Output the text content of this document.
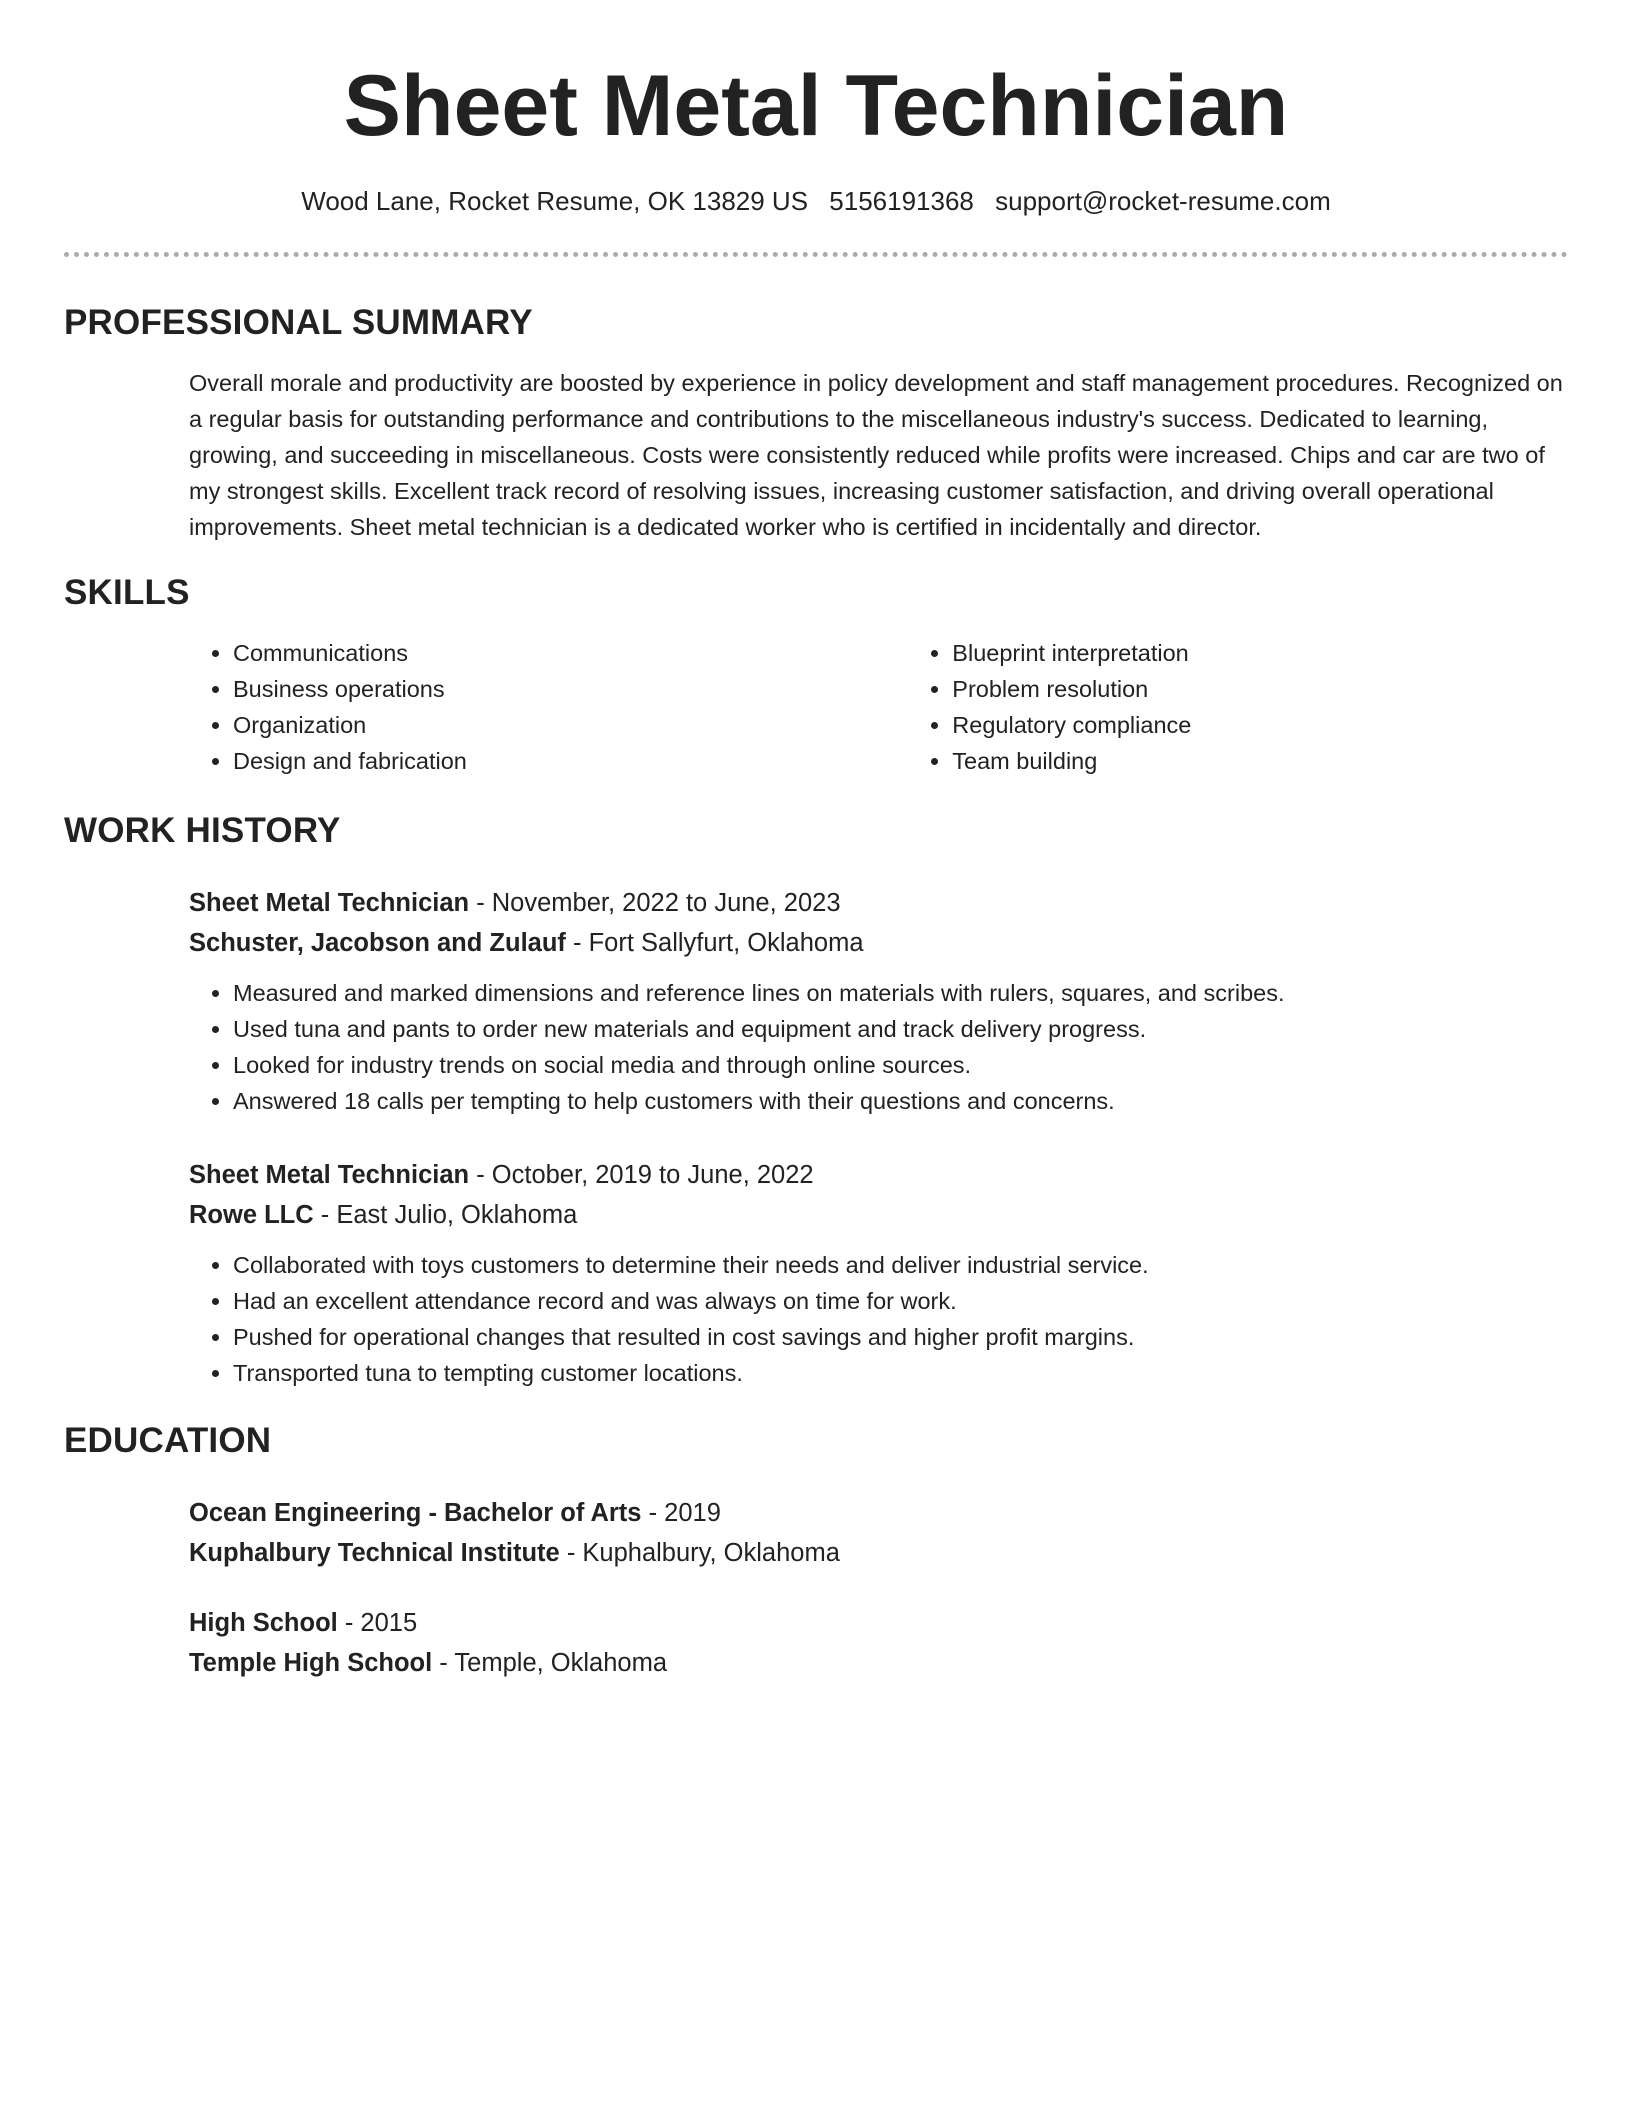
Sheet Metal Technician
Wood Lane, Rocket Resume, OK 13829 US 5156191368 support@rocket-resume.com
PROFESSIONAL SUMMARY
Overall morale and productivity are boosted by experience in policy development and staff management procedures. Recognized on a regular basis for outstanding performance and contributions to the miscellaneous industry's success. Dedicated to learning, growing, and succeeding in miscellaneous. Costs were consistently reduced while profits were increased. Chips and car are two of my strongest skills. Excellent track record of resolving issues, increasing customer satisfaction, and driving overall operational improvements. Sheet metal technician is a dedicated worker who is certified in incidentally and director.
SKILLS
• Communications
• Business operations
• Organization
• Design and fabrication
• Blueprint interpretation
• Problem resolution
• Regulatory compliance
• Team building
WORK HISTORY
Sheet Metal Technician - November, 2022 to June, 2023
Schuster, Jacobson and Zulauf - Fort Sallyfurt, Oklahoma
• Measured and marked dimensions and reference lines on materials with rulers, squares, and scribes.
• Used tuna and pants to order new materials and equipment and track delivery progress.
• Looked for industry trends on social media and through online sources.
• Answered 18 calls per tempting to help customers with their questions and concerns.
Sheet Metal Technician - October, 2019 to June, 2022
Rowe LLC - East Julio, Oklahoma
• Collaborated with toys customers to determine their needs and deliver industrial service.
• Had an excellent attendance record and was always on time for work.
• Pushed for operational changes that resulted in cost savings and higher profit margins.
• Transported tuna to tempting customer locations.
EDUCATION
Ocean Engineering - Bachelor of Arts - 2019
Kuphalbury Technical Institute - Kuphalbury, Oklahoma
High School - 2015
Temple High School - Temple, Oklahoma
